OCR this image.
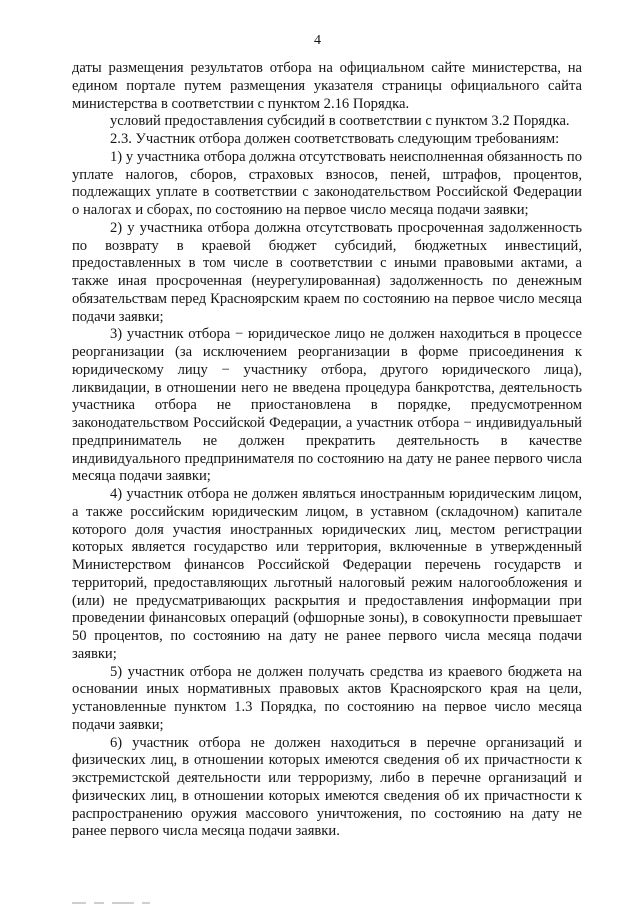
4

даты размещения результатов отбора на официальном сайте министерства, на едином портале путем размещения указателя страницы официального сайта министерства в соответствии с пунктом 2.16 Порядка.

условий предоставления субсидий в соответствии с пунктом 3.2 Порядка.

2.3. Участник отбора должен соответствовать следующим требованиям:

1) у участника отбора должна отсутствовать неисполненная обязанность по уплате налогов, сборов, страховых взносов, пеней, штрафов, процентов, подлежащих уплате в соответствии с законодательством Российской Федерации о налогах и сборах, по состоянию на первое число месяца подачи заявки;

2) у участника отбора должна отсутствовать просроченная задолженность по возврату в краевой бюджет субсидий, бюджетных инвестиций, предоставленных в том числе в соответствии с иными правовыми актами, а также иная просроченная (неурегулированная) задолженность по денежным обязательствам перед Красноярским краем по состоянию на первое число месяца подачи заявки;

3) участник отбора − юридическое лицо не должен находиться в процессе реорганизации (за исключением реорганизации в форме присоединения к юридическому лицу − участнику отбора, другого юридического лица), ликвидации, в отношении него не введена процедура банкротства, деятельность участника отбора не приостановлена в порядке, предусмотренном законодательством Российской Федерации, а участник отбора − индивидуальный предприниматель не должен прекратить деятельность в качестве индивидуального предпринимателя по состоянию на дату не ранее первого числа месяца подачи заявки;

4) участник отбора не должен являться иностранным юридическим лицом, а также российским юридическим лицом, в уставном (складочном) капитале которого доля участия иностранных юридических лиц, местом регистрации которых является государство или территория, включенные в утвержденный Министерством финансов Российской Федерации перечень государств и территорий, предоставляющих льготный налоговый режим налогообложения и (или) не предусматривающих раскрытия и предоставления информации при проведении финансовых операций (офшорные зоны), в совокупности превышает 50 процентов, по состоянию на дату не ранее первого числа месяца подачи заявки;

5) участник отбора не должен получать средства из краевого бюджета на основании иных нормативных правовых актов Красноярского края на цели, установленные пунктом 1.3 Порядка, по состоянию на первое число месяца подачи заявки;

6) участник отбора не должен находиться в перечне организаций и физических лиц, в отношении которых имеются сведения об их причастности к экстремистской деятельности или терроризму, либо в перечне организаций и физических лиц, в отношении которых имеются сведения об их причастности к распространению оружия массового уничтожения, по состоянию на дату не ранее первого числа месяца подачи заявки.
